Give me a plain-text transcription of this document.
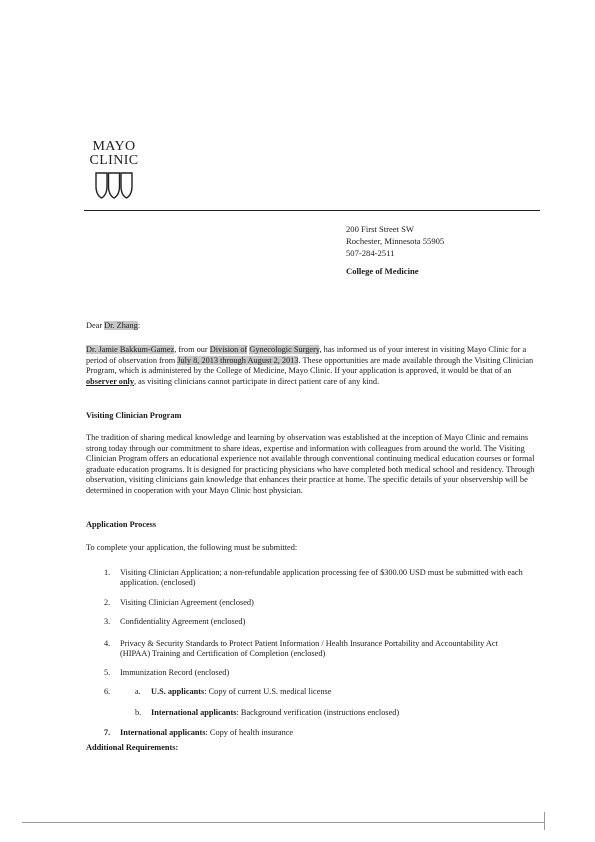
MAYO
CLINIC
200 First Street SW
Rochester, Minnesota 55905
507-284-2511
College of Medicine
Dear Dr. Zhang:
Dr. Jamie Bakkum-Gamez, from our Division of Gynecologic Surgery, has informed us of your interest in visiting Mayo Clinic for a period of observation from July 8, 2013 through August 2, 2013. These opportunities are made available through the Visiting Clinician Program, which is administered by the College of Medicine, Mayo Clinic. If your application is approved, it would be that of an observer only, as visiting clinicians cannot participate in direct patient care of any kind.
Visiting Clinician Program
The tradition of sharing medical knowledge and learning by observation was established at the inception of Mayo Clinic and remains strong today through our commitment to share ideas, expertise and information with colleagues from around the world. The Visiting Clinician Program offers an educational experience not available through conventional continuing medical education courses or formal graduate education programs. It is designed for practicing physicians who have completed both medical school and residency. Through observation, visiting clinicians gain knowledge that enhances their practice at home. The specific details of your observership will be determined in cooperation with your Mayo Clinic host physician.
Application Process
To complete your application, the following must be submitted:
1. Visiting Clinician Application; a non-refundable application processing fee of $300.00 USD must be submitted with each application. (enclosed)
2. Visiting Clinician Agreement (enclosed)
3. Confidentiality Agreement (enclosed)
4. Privacy & Security Standards to Protect Patient Information / Health Insurance Portability and Accountability Act (HIPAA) Training and Certification of Completion (enclosed)
5. Immunization Record (enclosed)
6.	a. U.S. applicants: Copy of current U.S. medical license
b. International applicants: Background verification (instructions enclosed)
7. International applicants: Copy of health insurance
Additional Requirements:
